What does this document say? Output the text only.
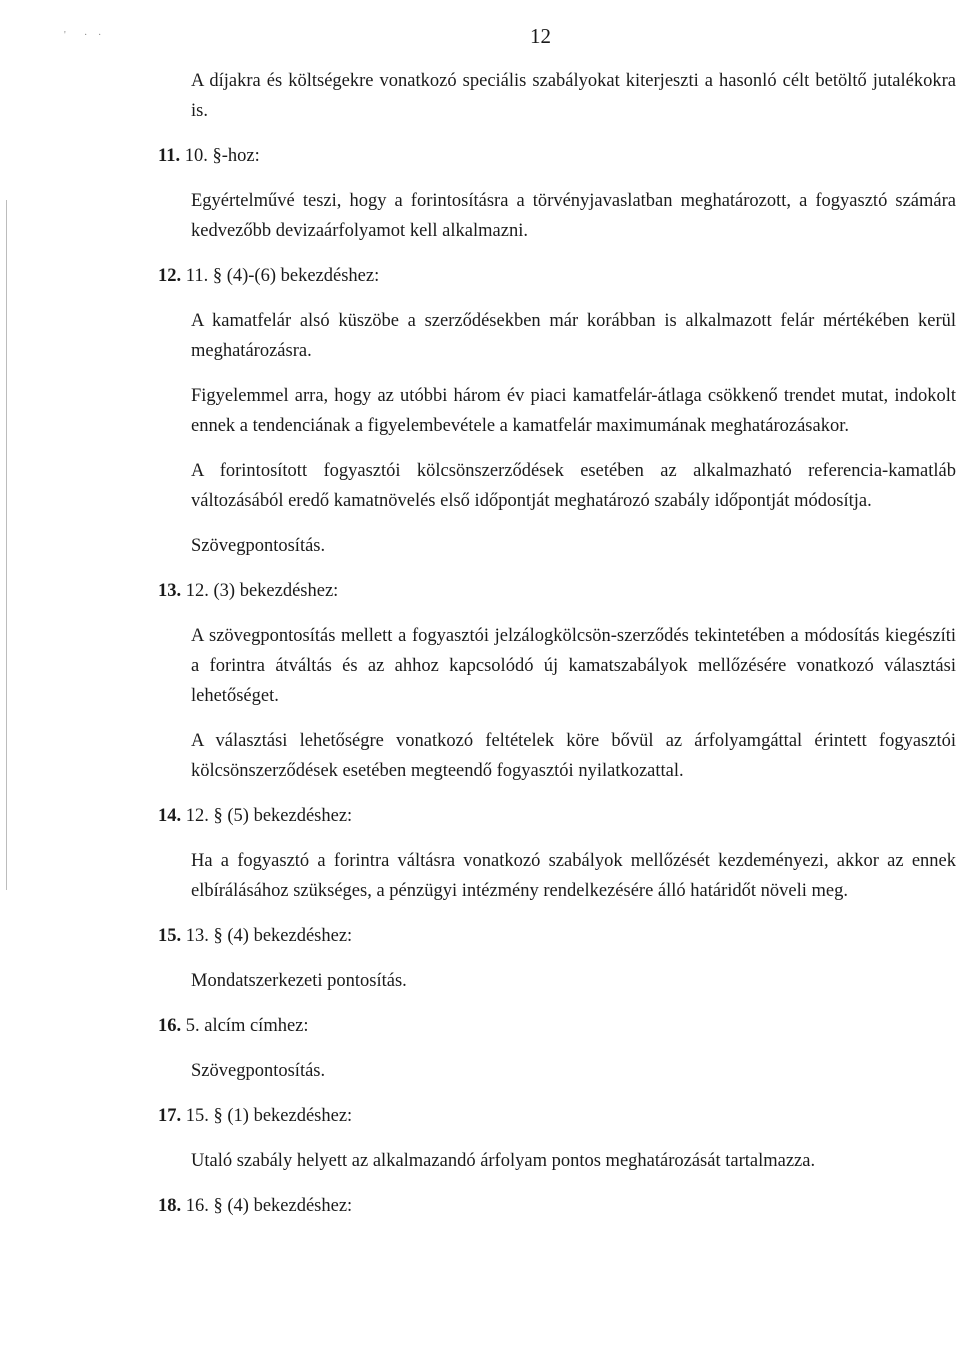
' · ·	12

A díjakra és költségekre vonatkozó speciális szabályokat kiterjeszti a hasonló célt betöltő jutalékokra is.

11. 10. §-hoz:

Egyértelművé teszi, hogy a forintosításra a törvényjavaslatban meghatározott, a fogyasztó számára kedvezőbb devizaárfolyamot kell alkalmazni.

12. 11. § (4)-(6) bekezdéshez:

A kamatfelár alsó küszöbe a szerződésekben már korábban is alkalmazott felár mértékében kerül meghatározásra.

Figyelemmel arra, hogy az utóbbi három év piaci kamatfelár-átlaga csökkenő trendet mutat, indokolt ennek a tendenciának a figyelembevétele a kamatfelár maximumának meghatározásakor.

A forintosított fogyasztói kölcsönszerződések esetében az alkalmazható referencia-kamatláb változásából eredő kamatnövelés első időpontját meghatározó szabály időpontját módosítja.

Szövegpontosítás.

13. 12. (3) bekezdéshez:

A szövegpontosítás mellett a fogyasztói jelzálogkölcsön-szerződés tekintetében a módosítás kiegészíti a forintra átváltás és az ahhoz kapcsolódó új kamatszabályok mellőzésére vonatkozó választási lehetőséget.

A választási lehetőségre vonatkozó feltételek köre bővül az árfolyamgáttal érintett fogyasztói kölcsönszerződések esetében megteendő fogyasztói nyilatkozattal.

14. 12. § (5) bekezdéshez:

Ha a fogyasztó a forintra váltásra vonatkozó szabályok mellőzését kezdeményezi, akkor az ennek elbírálásához szükséges, a pénzügyi intézmény rendelkezésére álló határidőt növeli meg.

15. 13. § (4) bekezdéshez:

Mondatszerkezeti pontosítás.

16. 5. alcím címhez:

Szövegpontosítás.

17. 15. § (1) bekezdéshez:

Utaló szabály helyett az alkalmazandó árfolyam pontos meghatározását tartalmazza.

18. 16. § (4) bekezdéshez:
